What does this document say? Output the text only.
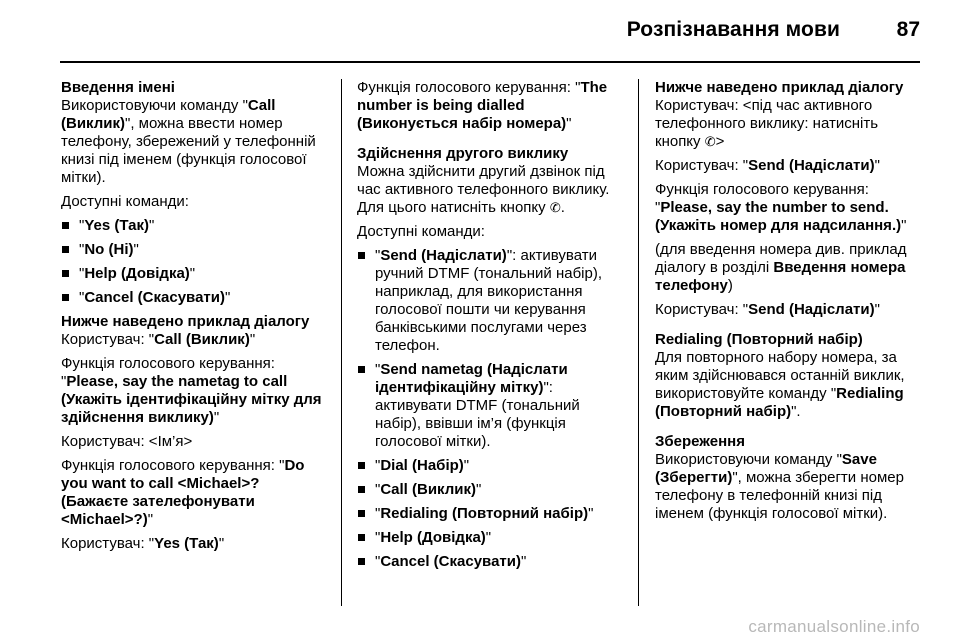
Розпізнавання мови	87

Введення імені

Використовуючи команду "Call (Виклик)", можна ввести номер телефону, збережений у телефонній книзі під іменем (функція голосової мітки).

Доступні команди:

"Yes (Так)"
"No (Ні)"
"Help (Довідка)"
"Cancel (Скасувати)"

Нижче наведено приклад діалогу

Користувач: "Call (Виклик)"

Функція голосового керування: "Please, say the nametag to call (Укажіть ідентифікаційну мітку для здійснення виклику)"

Користувач: <Ім’я>

Функція голосового керування: "Do you want to call <Michael>? (Бажаєте зателефонувати <Michael>?)"

Користувач: "Yes (Так)"

Функція голосового керування: "The number is being dialled (Виконується набір номера)"

Здійснення другого виклику

Можна здійснити другий дзвінок під час активного телефонного виклику. Для цього натисніть кнопку ✆.

Доступні команди:

"Send (Надіслати)": активувати ручний DTMF (тональний набір), наприклад, для використання голосової пошти чи керування банківськими послугами через телефон.
"Send nametag (Надіслати ідентифікаційну мітку)": активувати DTMF (тональний набір), ввівши ім’я (функція голосової мітки).
"Dial (Набір)"
"Call (Виклик)"
"Redialing (Повторний набір)"
"Help (Довідка)"
"Cancel (Скасувати)"

Нижче наведено приклад діалогу

Користувач: <під час активного телефонного виклику: натисніть кнопку ✆>

Користувач: "Send (Надіслати)"

Функція голосового керування: "Please, say the number to send. (Укажіть номер для надсилання.)"

(для введення номера див. приклад діалогу в розділі Введення номера телефону)

Користувач: "Send (Надіслати)"

Redialing (Повторний набір)

Для повторного набору номера, за яким здійснювався останній виклик, використовуйте команду "Redialing (Повторний набір)".

Збереження

Використовуючи команду "Save (Зберегти)", можна зберегти номер телефону в телефонній книзі під іменем (функція голосової мітки).

carmanualsonline.info
